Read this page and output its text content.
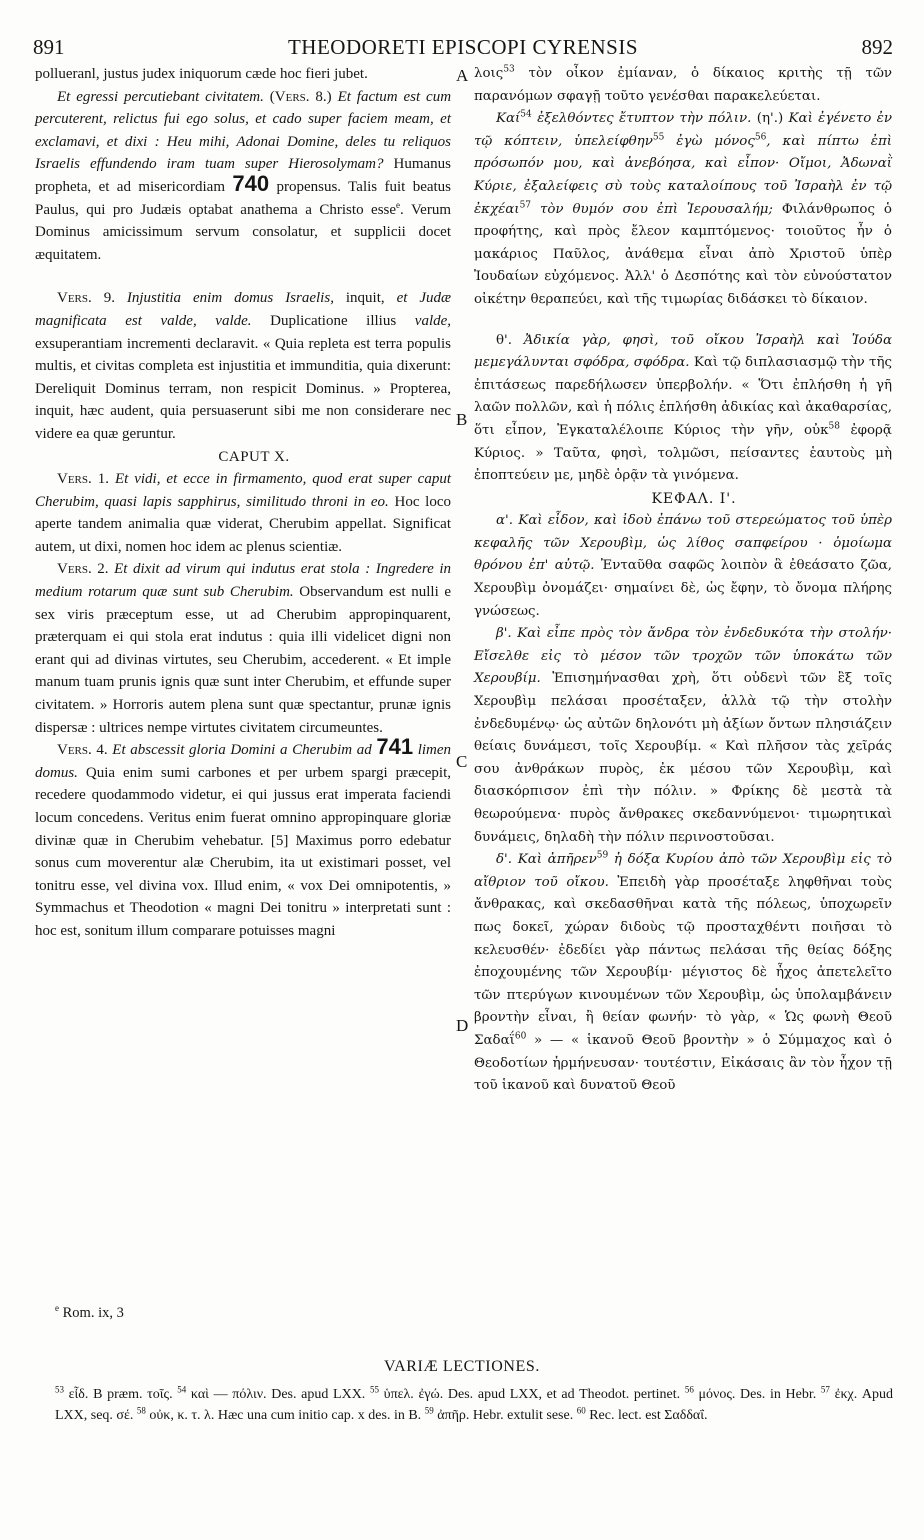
891	THEODORETI EPISCOPI CYRENSIS	892

pollueranl, justus judex iniquorum cæde hoc fieri jubet.

Et egressi percutiebant civitatem. (Vers. 8.) Et factum est cum percuterent, relictus fui ego solus, et cado super faciem meam, et exclamavi, et dixi : Heu mihi, Adonai Domine, deles tu reliquos Israelis effundendo iram tuam super Hierosolymam? Humanus propheta, et ad misericordiam 740 propensus. Talis fuit beatus Paulus, qui pro Judæis optabat anathema a Christo esse$^e$. Verum Dominus amicissimum servum consolatur, et supplicii docet æquitatem.

Vers. 9. Injustitia enim domus Israelis, inquit, et Judæ magnificata est valde, valde. Duplicatione illius valde, exsuperantiam incrementi declaravit. « Quia repleta est terra populis multis, et civitas completa est injustitia et immunditia, quia dixerunt: Dereliquit Dominus terram, non respicit Dominus. » Propterea, inquit, hæc audent, quia persuaserunt sibi me non considerare nec videre ea quæ geruntur.

CAPUT X.

Vers. 1. Et vidi, et ecce in firmamento, quod erat super caput Cherubim, quasi lapis sapphirus, similitudo throni in eo. Hoc loco aperte tandem animalia quæ viderat, Cherubim appellat. Significat autem, ut dixi, nomen hoc idem ac plenus scientiæ.

Vers. 2. Et dixit ad virum qui indutus erat stola : Ingredere in medium rotarum quæ sunt sub Cherubim. Observandum est nulli e sex viris præceptum esse, ut ad Cherubim appropinquarent, præterquam ei qui stola erat indutus : quia illi videlicet digni non erant qui ad divinas virtutes, seu Cherubim, accederent. « Et imple manum tuam prunis ignis quæ sunt inter Cherubim, et effunde super civitatem. » Horroris autem plena sunt quæ spectantur, prunæ ignis dispersæ : ultrices nempe virtutes civitatem circumeuntes.

Vers. 4. Et abscessit gloria Domini a Cherubim ad 741 limen domus. Quia enim sumi carbones et per urbem spargi præcepit, recedere quodammodo videtur, ei qui jussus erat imperata faciendi locum concedens. Veritus enim fuerat omnino appropinquare gloriæ divinæ quæ in Cherubim vehebatur. [5] Maximus porro edebatur sonus cum moverentur alæ Cherubim, ita ut existimari posset, vel tonitru esse, vel divina vox. Illud enim, « vox Dei omnipotentis, » Symmachus et Theodotion « magni Dei tonitru » interpretati sunt : hoc est, sonitum illum comparare potuisses magni

A
B
C
D

λοις$^{53}$ τὸν οἶκον ἐμίαναν, ὁ δίκαιος κριτὴς τῇ τῶν παρανόμων σφαγῇ τοῦτο γενέσθαι παρακελεύεται.

Καί$^{54}$ ἐξελθόντες ἔτυπτον τὴν πόλιν. (η'.) Καὶ ἐγένετο ἐν τῷ κόπτειν, ὑπελείφθην$^{55}$ ἐγὼ μόνος$^{56}$, καὶ πίπτω ἐπὶ πρόσωπόν μου, καὶ ἀνεβόησα, καὶ εἶπον· Οἴμοι, Ἀδωναῒ Κύριε, ἐξαλείφεις σὺ τοὺς καταλοίπους τοῦ Ἰσραὴλ ἐν τῷ ἐκχέαι$^{57}$ τὸν θυμόν σου ἐπὶ Ἱερουσαλήμ; Φιλάνθρωπος ὁ προφήτης, καὶ πρὸς ἔλεον καμπτόμενος· τοιοῦτος ἦν ὁ μακάριος Παῦλος, ἀνάθεμα εἶναι ἀπὸ Χριστοῦ ὑπὲρ Ἰουδαίων εὐχόμενος. Ἀλλ' ὁ Δεσπότης καὶ τὸν εὐνούστατον οἰκέτην θεραπεύει, καὶ τῆς τιμωρίας διδάσκει τὸ δίκαιον.

θ'. Ἀδικία γὰρ, φησὶ, τοῦ οἴκου Ἰσραὴλ καὶ Ἰούδα μεμεγάλυνται σφόδρα, σφόδρα. Καὶ τῷ διπλασιασμῷ τὴν τῆς ἐπιτάσεως παρεδήλωσεν ὑπερβολήν. « Ὅτι ἐπλήσθη ἡ γῆ λαῶν πολλῶν, καὶ ἡ πόλις ἐπλήσθη ἀδικίας καὶ ἀκαθαρσίας, ὅτι εἶπον, Ἐγκαταλέλοιπε Κύριος τὴν γῆν, οὐκ$^{58}$ ἐφορᾷ Κύριος. » Ταῦτα, φησὶ, τολμῶσι, πείσαντες ἑαυτοὺς μὴ ἐποπτεύειν με, μηδὲ ὁρᾷν τὰ γινόμενα.

ΚΕΦΑΛ. Ι'.

α'. Καὶ εἶδον, καὶ ἰδοὺ ἐπάνω τοῦ στερεώματος τοῦ ὑπὲρ κεφαλῆς τῶν Χερουβὶμ, ὡς λίθος σαπφείρου · ὁμοίωμα θρόνου ἐπ' αὐτῷ. Ἐνταῦθα σαφῶς λοιπὸν ἃ ἐθεάσατο ζῶα, Χερουβὶμ ὀνομάζει· σημαίνει δὲ, ὡς ἔφην, τὸ ὄνομα πλήρης γνώσεως.

β'. Καὶ εἶπε πρὸς τὸν ἄνδρα τὸν ἐνδεδυκότα τὴν στολήν· Εἴσελθε εἰς τὸ μέσον τῶν τροχῶν τῶν ὑποκάτω τῶν Χερουβίμ. Ἐπισημήνασθαι χρὴ, ὅτι οὐδενὶ τῶν ἓξ τοῖς Χερουβὶμ πελάσαι προσέταξεν, ἀλλὰ τῷ τὴν στολὴν ἐνδεδυμένῳ· ὡς αὐτῶν δηλονότι μὴ ἀξίων ὄντων πλησιάζειν θείαις δυνάμεσι, τοῖς Χερουβίμ. « Καὶ πλῆσον τὰς χεῖράς σου ἀνθράκων πυρὸς, ἐκ μέσου τῶν Χερουβὶμ, καὶ διασκόρπισον ἐπὶ τὴν πόλιν. » Φρίκης δὲ μεστὰ τὰ θεωρούμενα· πυρὸς ἄνθρακες σκεδαννύμενοι· τιμωρητικαὶ δυνάμεις, δηλαδὴ τὴν πόλιν περινοστοῦσαι.

δ'. Καὶ ἀπῆρεν$^{59}$ ἡ δόξα Κυρίου ἀπὸ τῶν Χερουβὶμ εἰς τὸ αἴθριον τοῦ οἴκου. Ἐπειδὴ γὰρ προσέταξε ληφθῆναι τοὺς ἄνθρακας, καὶ σκεδασθῆναι κατὰ τῆς πόλεως, ὑποχωρεῖν πως δοκεῖ, χώραν διδοὺς τῷ προσταχθέντι ποιῆσαι τὸ κελευσθέν· ἐδεδίει γὰρ πάντως πελάσαι τῆς θείας δόξης ἐποχουμένης τῶν Χερουβίμ· μέγιστος δὲ ἦχος ἀπετελεῖτο τῶν πτερύγων κινουμένων τῶν Χερουβὶμ, ὡς ὑπολαμβάνειν βροντὴν εἶναι, ἢ θείαν φωνήν· τὸ γὰρ, « Ὡς φωνὴ Θεοῦ Σαδαΐ$^{60}$ » — « ἱκανοῦ Θεοῦ βροντὴν » ὁ Σύμμαχος καὶ ὁ Θεοδοτίων ἡρμήνευσαν· τουτέστιν, Εἰκάσαις ἂν τὸν ἦχον τῇ τοῦ ἱκανοῦ καὶ δυνατοῦ Θεοῦ

$^e$ Rom. ix, 3
VARIÆ LECTIONES.
$^{53}$ εἶδ. B præm. τοῖς. $^{54}$ καὶ — πόλιν. Des. apud LXX. $^{55}$ ὑπελ. ἐγώ. Des. apud LXX, et ad Theodot. pertinet. $^{56}$ μόνος. Des. in Hebr. $^{57}$ ἐκχ. Apud LXX, seq. σέ. $^{58}$ οὐκ, κ. τ. λ. Hæc una cum initio cap. x des. in B. $^{59}$ ἀπῆρ. Hebr. extulit sese. $^{60}$ Rec. lect. est Σαδδαΐ.
